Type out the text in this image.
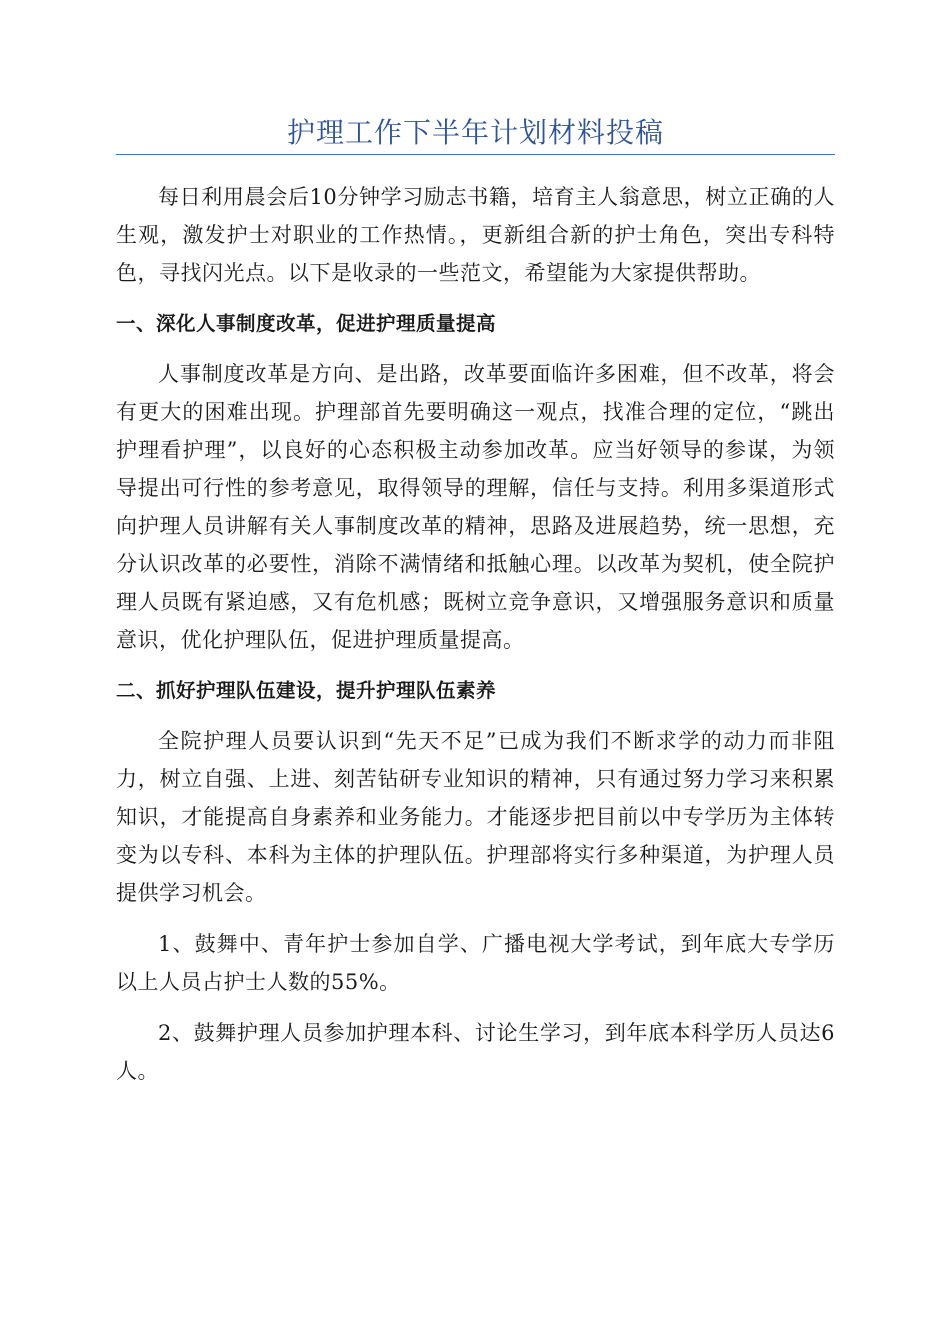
护理工作下半年计划材料投稿

每日利用晨会后10分钟学习励志书籍，培育主人翁意思，树立正确的人生观，激发护士对职业的工作热情。，更新组合新的护士角色，突出专科特色，寻找闪光点。以下是收录的一些范文，希望能为大家提供帮助。

一、深化人事制度改革，促进护理质量提高

人事制度改革是方向、是出路，改革要面临许多困难，但不改革，将会有更大的困难出现。护理部首先要明确这一观点，找准合理的定位，“跳出护理看护理”，以良好的心态积极主动参加改革。应当好领导的参谋，为领导提出可行性的参考意见，取得领导的理解，信任与支持。利用多渠道形式向护理人员讲解有关人事制度改革的精神，思路及进展趋势，统一思想，充分认识改革的必要性，消除不满情绪和抵触心理。以改革为契机，使全院护理人员既有紧迫感，又有危机感；既树立竞争意识，又增强服务意识和质量意识，优化护理队伍，促进护理质量提高。

二、抓好护理队伍建设，提升护理队伍素养

全院护理人员要认识到“先天不足”已成为我们不断求学的动力而非阻力，树立自强、上进、刻苦钻研专业知识的精神，只有通过努力学习来积累知识，才能提高自身素养和业务能力。才能逐步把目前以中专学历为主体转变为以专科、本科为主体的护理队伍。护理部将实行多种渠道，为护理人员提供学习机会。

1、鼓舞中、青年护士参加自学、广播电视大学考试，到年底大专学历以上人员占护士人数的55%。

2、鼓舞护理人员参加护理本科、讨论生学习，到年底本科学历人员达6人。
